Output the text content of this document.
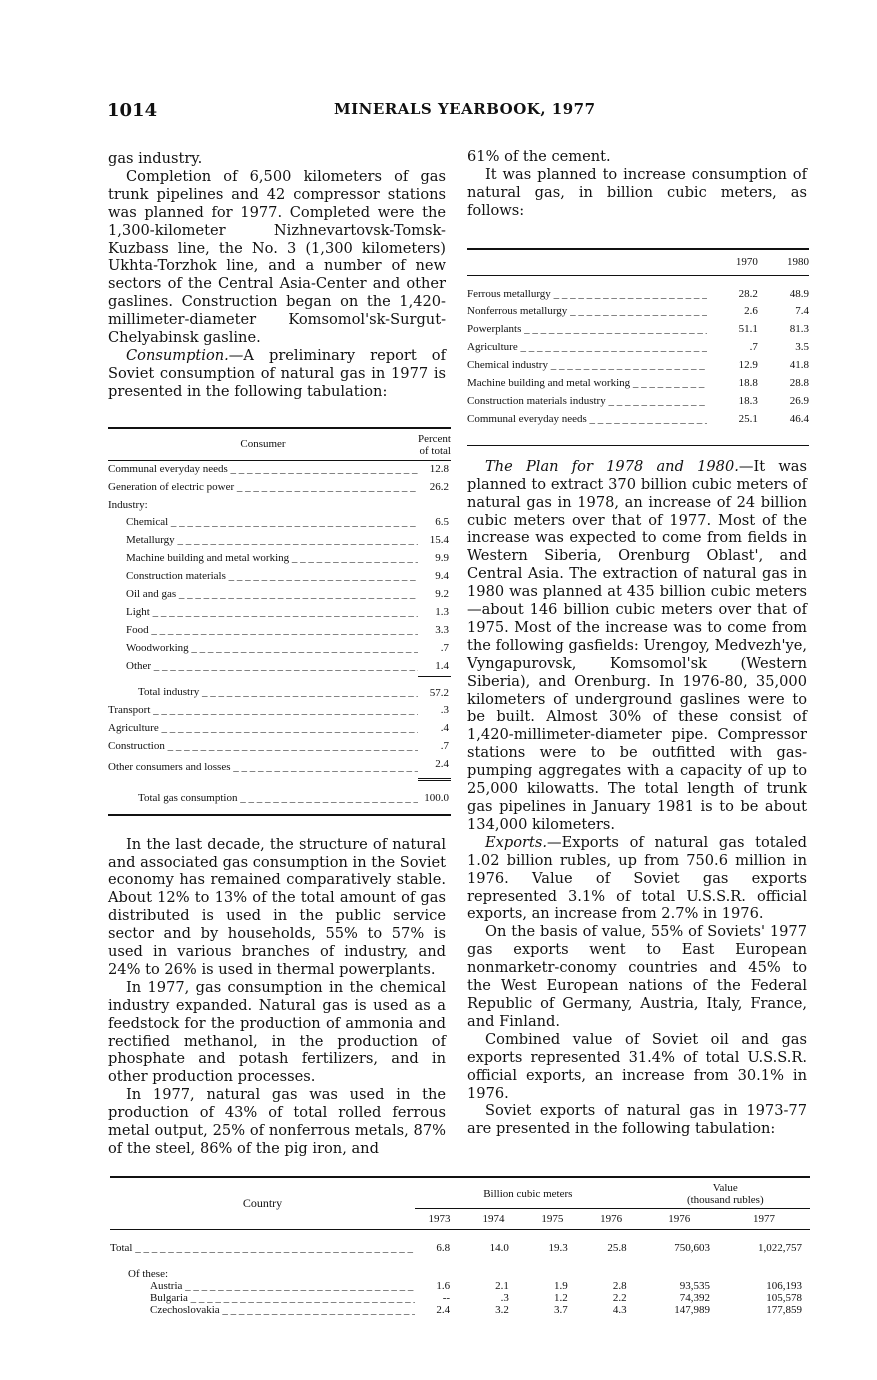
1014	MINERALS YEARBOOK, 1977

gas industry.

Completion of 6,500 kilometers of gas trunk pipelines and 42 compressor stations was planned for 1977. Completed were the 1,300-kilometer Nizhnevartovsk-Tomsk-Kuzbass line, the No. 3 (1,300 kilometers) Ukhta-Torzhok line, and a number of new sectors of the Central Asia-Center and other gaslines. Construction began on the 1,420-millimeter-diameter Komsomol'sk-Surgut-Chelyabinsk gasline.

Consumption.—A preliminary report of Soviet consumption of natural gas in 1977 is presented in the following tabulation:

Consumer	Percent
of total
Communal everyday needs _ _ _	12.8
Generation of electric power _ _ _	26.2
Industry:	
Chemical _ _ _	6.5
Metallurgy _ _ _	15.4
Machine building and metal working _ _ _	9.9
Construction materials _ _ _	9.4
Oil and gas _ _ _	9.2
Light _ _ _	1.3
Food _ _ _	3.3
Woodworking _ _ _	.7
Other _ _ _	1.4
Total industry _ _ _	57.2
Transport _ _ _	.3
Agriculture _ _ _	.4
Construction _ _ _	.7
Other consumers and losses _ _ _	2.4
Total gas consumption _ _ _	100.0

In the last decade, the structure of natural and associated gas consumption in the Soviet economy has remained comparatively stable. About 12% to 13% of the total amount of gas distributed is used in the public service sector and by households, 55% to 57% is used in various branches of industry, and 24% to 26% is used in thermal powerplants.

In 1977, gas consumption in the chemical industry expanded. Natural gas is used as a feedstock for the production of ammonia and rectified methanol, in the production of phosphate and potash fertilizers, and in other production processes.

In 1977, natural gas was used in the production of 43% of total rolled ferrous metal output, 25% of nonferrous metals, 87% of the steel, 86% of the pig iron, and

61% of the cement.

It was planned to increase consumption of natural gas, in billion cubic meters, as follows:

	1970	1980
Ferrous metallurgy _ _ _	28.2	48.9
Nonferrous metallurgy _ _ _	2.6	7.4
Powerplants _ _ _	51.1	81.3
Agriculture _ _ _	.7	3.5
Chemical industry _ _ _	12.9	41.8
Machine building and metal working _ _ _	18.8	28.8
Construction materials industry _ _ _	18.3	26.9
Communal everyday needs _ _ _	25.1	46.4

The Plan for 1978 and 1980.—It was planned to extract 370 billion cubic meters of natural gas in 1978, an increase of 24 billion cubic meters over that of 1977. Most of the increase was expected to come from fields in Western Siberia, Orenburg Oblast', and Central Asia. The extraction of natural gas in 1980 was planned at 435 billion cubic meters—about 146 billion cubic meters over that of 1975. Most of the increase was to come from the following gasfields: Urengoy, Medvezh'ye, Vyngapurovsk, Komsomol'sk (Western Siberia), and Orenburg. In 1976-80, 35,000 kilometers of underground gaslines were to be built. Almost 30% of these consist of 1,420-millimeter-diameter pipe. Compressor stations were to be outfitted with gas-pumping aggregates with a capacity of up to 25,000 kilowatts. The total length of trunk gas pipelines in January 1981 is to be about 134,000 kilometers.

Exports.—Exports of natural gas totaled 1.02 billion rubles, up from 750.6 million in 1976. Value of Soviet gas exports represented 3.1% of total U.S.S.R. official exports, an increase from 2.7% in 1976.

On the basis of value, 55% of Soviets' 1977 gas exports went to East European nonmarketr-conomy countries and 45% to the West European nations of the Federal Republic of Germany, Austria, Italy, France, and Finland.

Combined value of Soviet oil and gas exports represented 31.4% of total U.S.S.R. official exports, an increase from 30.1% in 1976.

Soviet exports of natural gas in 1973-77 are presented in the following tabulation:

Country	Billion cubic meters				Value
(thousand rubles)	
	1973	1974	1975	1976	1976	1977
Total _ _ _	6.8	14.0	19.3	25.8	750,603	1,022,757
Of these:						
Austria _ _ _	1.6	2.1	1.9	2.8	93,535	106,193
Bulgaria _ _ _	--	.3	1.2	2.2	74,392	105,578
Czechoslovakia _ _ _	2.4	3.2	3.7	4.3	147,989	177,859
